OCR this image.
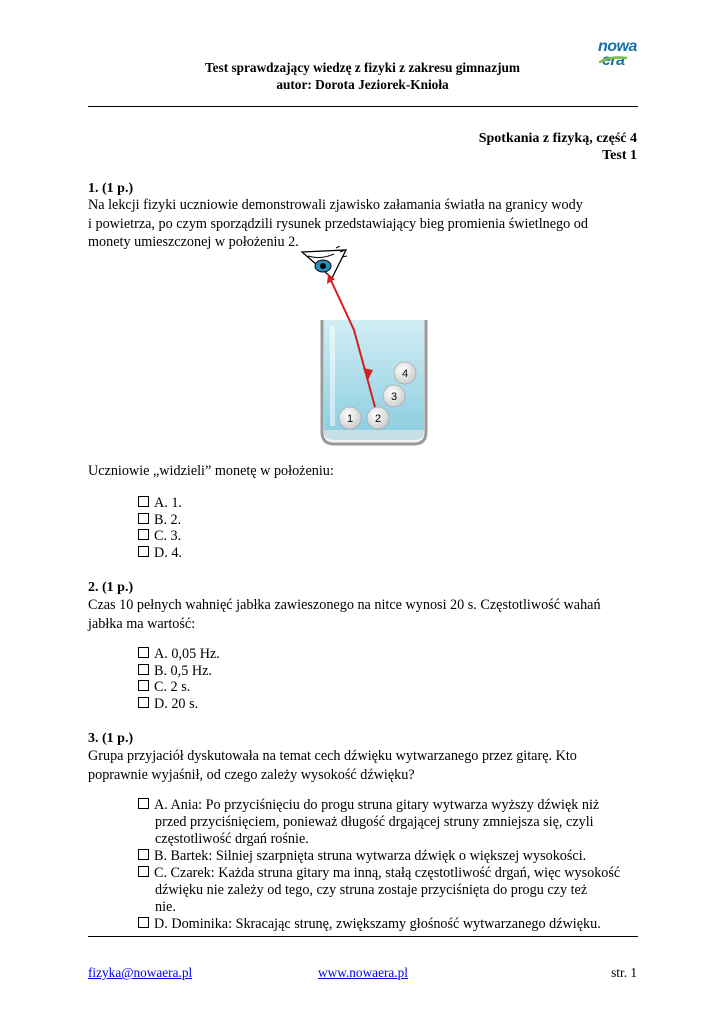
Test sprawdzający wiedzę z fizyki z zakresu gimnazjum
autor: Dorota Jeziorek-Knioła
nowa
era
Spotkania z fizyką, część 4
Test 1
1. (1 p.)
Na lekcji fizyki uczniowie demonstrowali zjawisko załamania światła na granicy wody
i powietrza, po czym sporządzili rysunek przedstawiający bieg promienia świetlnego od
monety umieszczonej w położeniu 2.
4
3
1 2
Uczniowie „widzieli” monetę w położeniu:
A. 1.
B. 2.
C. 3.
D. 4.
2. (1 p.)
Czas 10 pełnych wahnięć jabłka zawieszonego na nitce wynosi 20 s. Częstotliwość wahań
jabłka ma wartość:
A. 0,05 Hz.
B. 0,5 Hz.
C. 2 s.
D. 20 s.
3. (1 p.)
Grupa przyjaciół dyskutowała na temat cech dźwięku wytwarzanego przez gitarę. Kto
poprawnie wyjaśnił, od czego zależy wysokość dźwięku?
A. Ania: Po przyciśnięciu do progu struna gitary wytwarza wyższy dźwięk niż
przed przyciśnięciem, ponieważ długość drgającej struny zmniejsza się, czyli
częstotliwość drgań rośnie.
B. Bartek: Silniej szarpnięta struna wytwarza dźwięk o większej wysokości.
C. Czarek: Każda struna gitary ma inną, stałą częstotliwość drgań, więc wysokość
dźwięku nie zależy od tego, czy struna zostaje przyciśnięta do progu czy też
nie.
D. Dominika: Skracając strunę, zwiększamy głośność wytwarzanego dźwięku.
fizyka@nowaera.pl	www.nowaera.pl	str. 1
